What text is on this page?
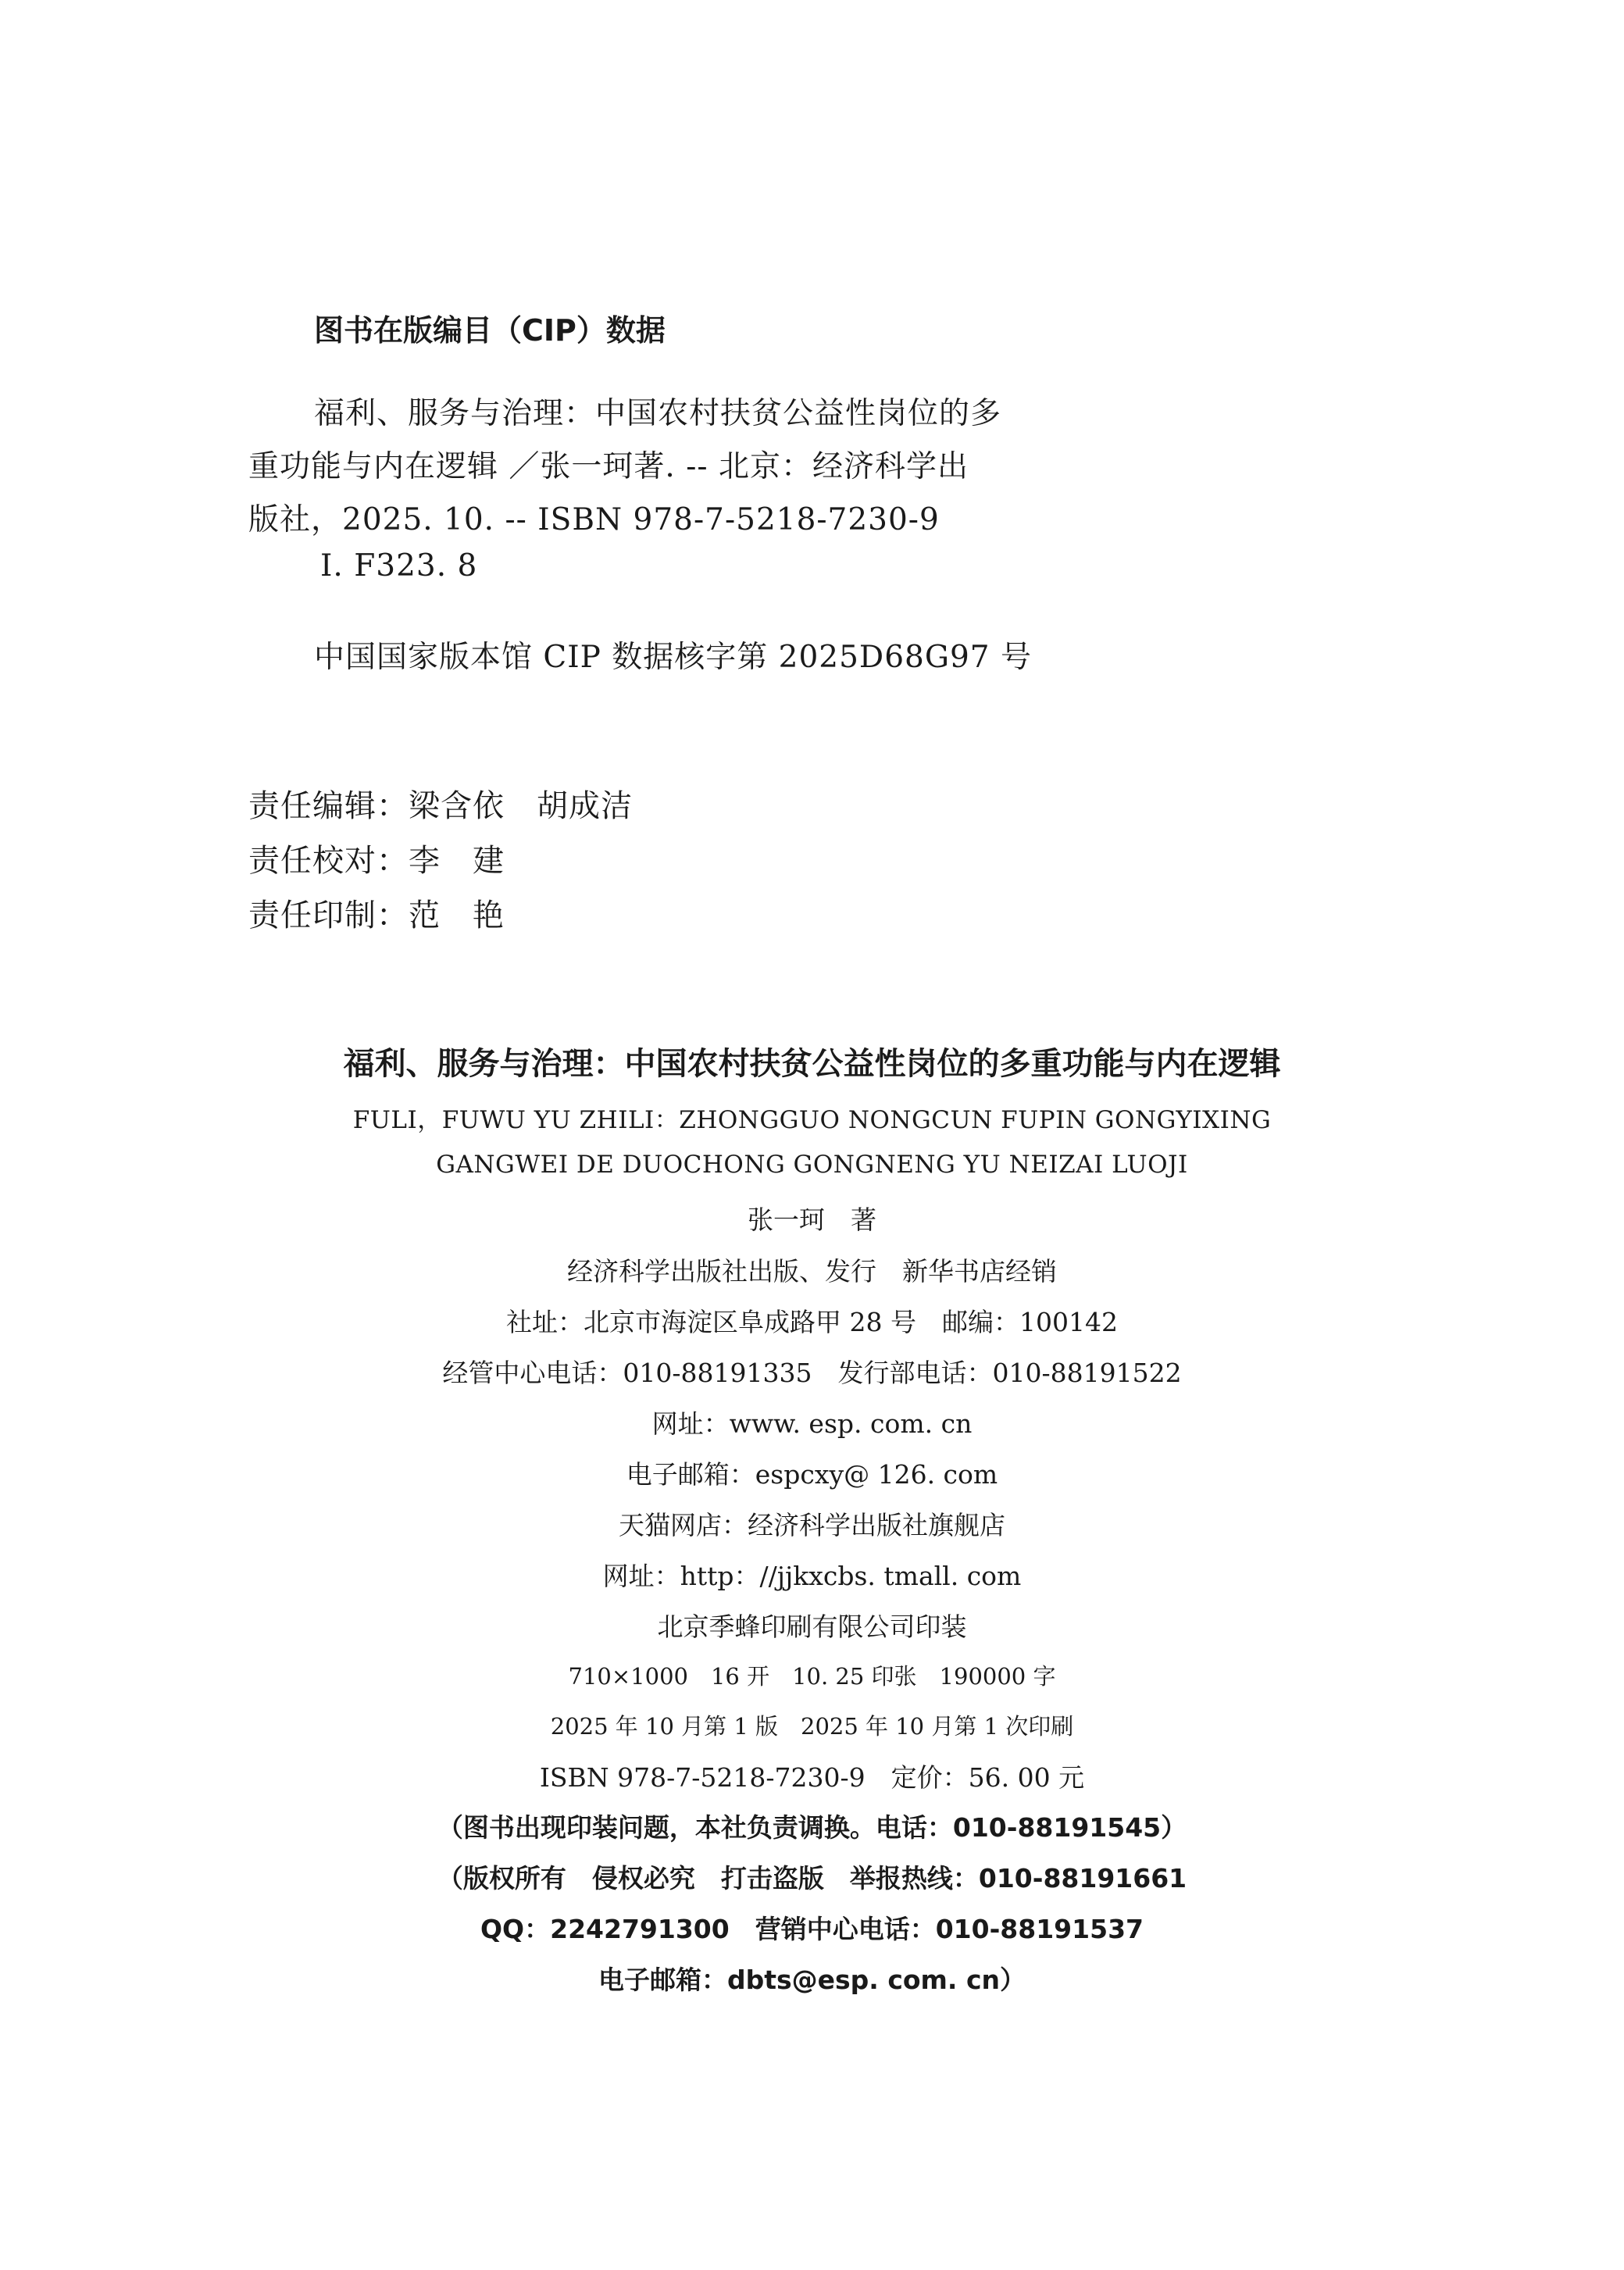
图书在版编目（CIP）数据
福利、服务与治理：中国农村扶贫公益性岗位的多
重功能与内在逻辑 ／张一珂著. -- 北京：经济科学出
版社，2025. 10. -- ISBN 978-7-5218-7230-9
Ⅰ. F323. 8
中国国家版本馆 CIP 数据核字第 2025D68G97 号
责任编辑：梁含依　胡成洁
责任校对：李　建
责任印制：范　艳
福利、服务与治理：中国农村扶贫公益性岗位的多重功能与内在逻辑
FULI，FUWU YU ZHILI：ZHONGGUO NONGCUN FUPIN GONGYIXING
GANGWEI DE DUOCHONG GONGNENG YU NEIZAI LUOJI
张一珂　著
经济科学出版社出版、发行　新华书店经销
社址：北京市海淀区阜成路甲 28 号　邮编：100142
经管中心电话：010-88191335　发行部电话：010-88191522
网址：www. esp. com. cn
电子邮箱：espcxy@ 126. com
天猫网店：经济科学出版社旗舰店
网址：http：//jjkxcbs. tmall. com
北京季蜂印刷有限公司印装
710×1000　16 开　10. 25 印张　190000 字
2025 年 10 月第 1 版　2025 年 10 月第 1 次印刷
ISBN 978-7-5218-7230-9　定价：56. 00 元
（图书出现印装问题，本社负责调换。电话：010-88191545）
（版权所有　侵权必究　打击盗版　举报热线：010-88191661
QQ：2242791300　营销中心电话：010-88191537
电子邮箱：dbts@esp. com. cn）
